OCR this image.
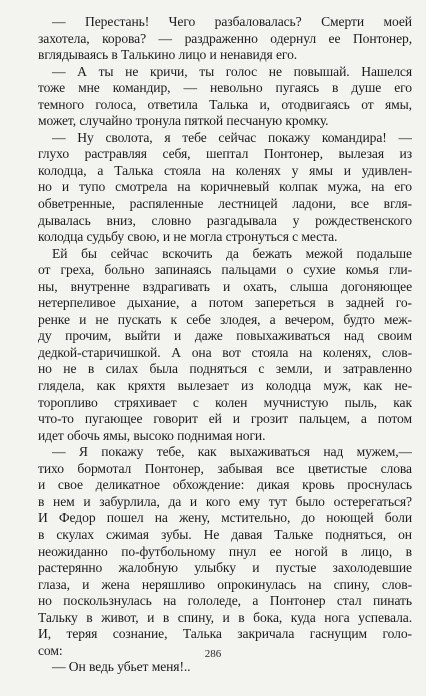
— Перестань! Чего разбаловалась? Смерти моей
захотела, корова? — раздраженно одернул ее Понтонер,
вглядываясь в Талькино лицо и ненавидя его.
— А ты не кричи, ты голос не повышай. Нашелся
тоже мне командир, — невольно пугаясь в душе его
темного голоса, ответила Талька и, отодвигаясь от ямы,
может, случайно тронула пяткой песчаную кромку.
— Ну сволота, я тебе сейчас покажу командира! —
глухо растравляя себя, шептал Понтонер, вылезая из
колодца, а Талька стояла на коленях у ямы и удивлен-
но и тупо смотрела на коричневый колпак мужа, на его
обветренные, распяленные лестницей ладони, все вгля-
дывалась вниз, словно разгадывала у рождественского
колодца судьбу свою, и не могла стронуться с места.
Ей бы сейчас вскочить да бежать межой подальше
от греха, больно запинаясь пальцами о сухие комья гли-
ны, внутренне вздрагивать и охать, слыша догоняющее
нетерпеливое дыхание, а потом запереться в задней го-
ренке и не пускать к себе злодея, а вечером, будто меж-
ду прочим, выйти и даже повыхаживаться над своим
дедкой-старичишкой. А она вот стояла на коленях, слов-
но не в силах была подняться с земли, и затравленно
глядела, как кряхтя вылезает из колодца муж, как не-
торопливо стряхивает с колен мучнистую пыль, как
что-то пугающее говорит ей и грозит пальцем, а потом
идет обочь ямы, высоко поднимая ноги.
— Я покажу тебе, как выхаживаться над мужем,—
тихо бормотал Понтонер, забывая все цветистые слова
и свое деликатное обхождение: дикая кровь проснулась
в нем и забурлила, да и кого ему тут было остерегаться?
И Федор пошел на жену, мстительно, до ноющей боли
в скулах сжимая зубы. Не давая Тальке подняться, он
неожиданно по-футбольному пнул ее ногой в лицо, в
растерянно жалобную улыбку и пустые захолодевшие
глаза, и жена неряшливо опрокинулась на спину, слов-
но поскользнулась на гололеде, а Понтонер стал пинать
Тальку в живот, и в спину, и в бока, куда нога успевала.
И, теряя сознание, Талька закричала гаснущим голо-
сом:
— Он ведь убьет меня!..
286
